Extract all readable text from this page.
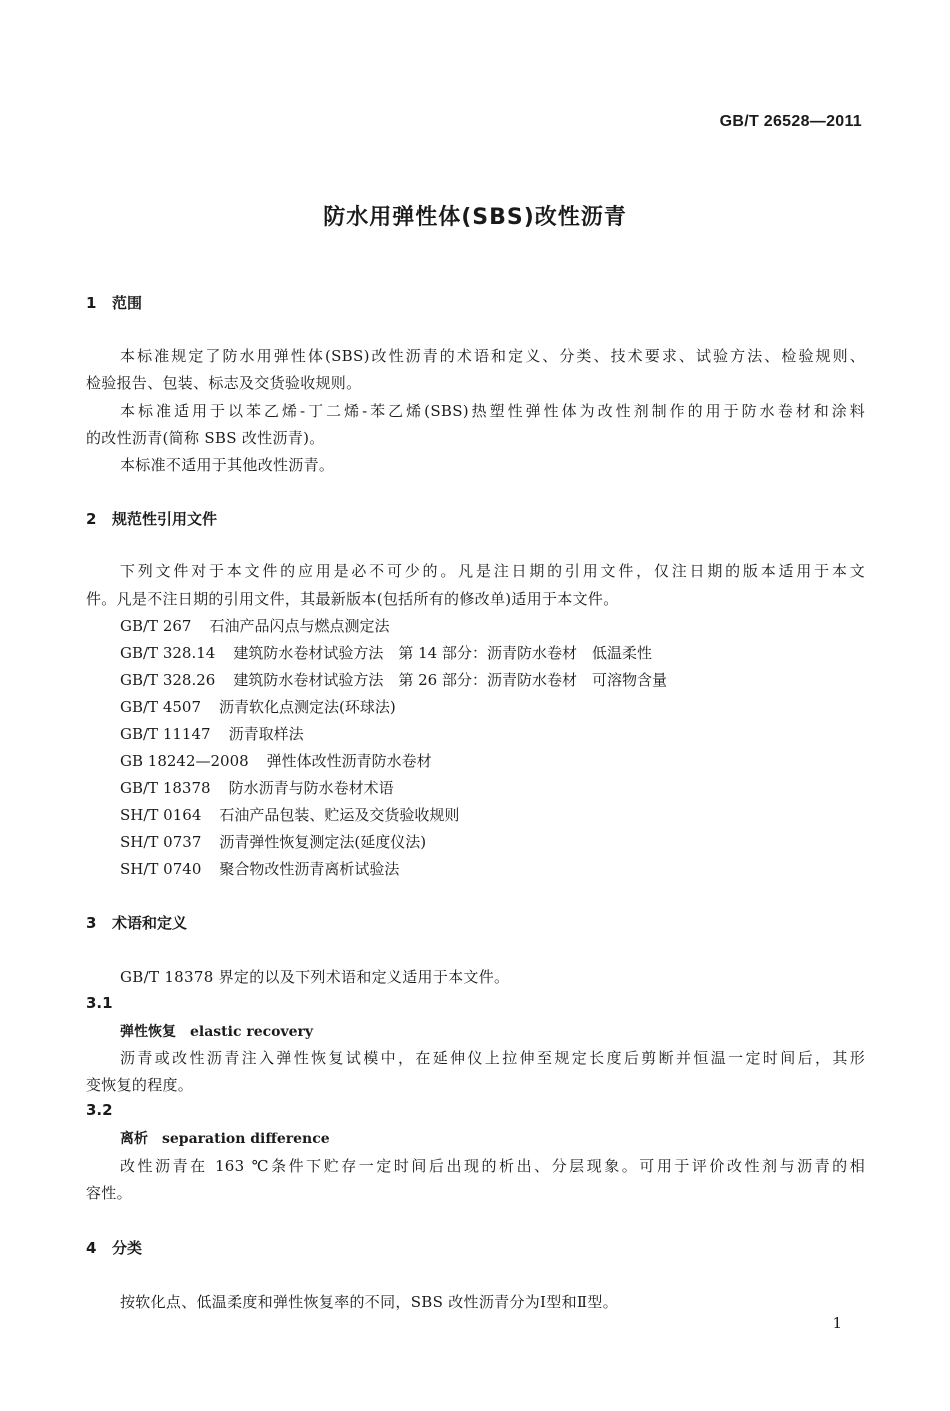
GB/T 26528—2011
防水用弹性体(SBS)改性沥青
1 范围
本标准规定了防水用弹性体(SBS)改性沥青的术语和定义、分类、技术要求、试验方法、检验规则、
检验报告、包装、标志及交货验收规则。
本标准适用于以苯乙烯-丁二烯-苯乙烯(SBS)热塑性弹性体为改性剂制作的用于防水卷材和涂料
的改性沥青(简称 SBS 改性沥青)。
本标准不适用于其他改性沥青。
2 规范性引用文件
下列文件对于本文件的应用是必不可少的。凡是注日期的引用文件，仅注日期的版本适用于本文
件。凡是不注日期的引用文件，其最新版本(包括所有的修改单)适用于本文件。
GB/T 267 石油产品闪点与燃点测定法
GB/T 328.14 建筑防水卷材试验方法　第 14 部分：沥青防水卷材　低温柔性
GB/T 328.26 建筑防水卷材试验方法　第 26 部分：沥青防水卷材　可溶物含量
GB/T 4507 沥青软化点测定法(环球法)
GB/T 11147 沥青取样法
GB 18242—2008 弹性体改性沥青防水卷材
GB/T 18378 防水沥青与防水卷材术语
SH/T 0164 石油产品包装、贮运及交货验收规则
SH/T 0737 沥青弹性恢复测定法(延度仪法)
SH/T 0740 聚合物改性沥青离析试验法
3 术语和定义
GB/T 18378 界定的以及下列术语和定义适用于本文件。
3.1
弹性恢复 elastic recovery
沥青或改性沥青注入弹性恢复试模中，在延伸仪上拉伸至规定长度后剪断并恒温一定时间后，其形
变恢复的程度。
3.2
离析 separation difference
改性沥青在 163 ℃条件下贮存一定时间后出现的析出、分层现象。可用于评价改性剂与沥青的相
容性。
4 分类
按软化点、低温柔度和弹性恢复率的不同，SBS 改性沥青分为Ⅰ型和Ⅱ型。
1
